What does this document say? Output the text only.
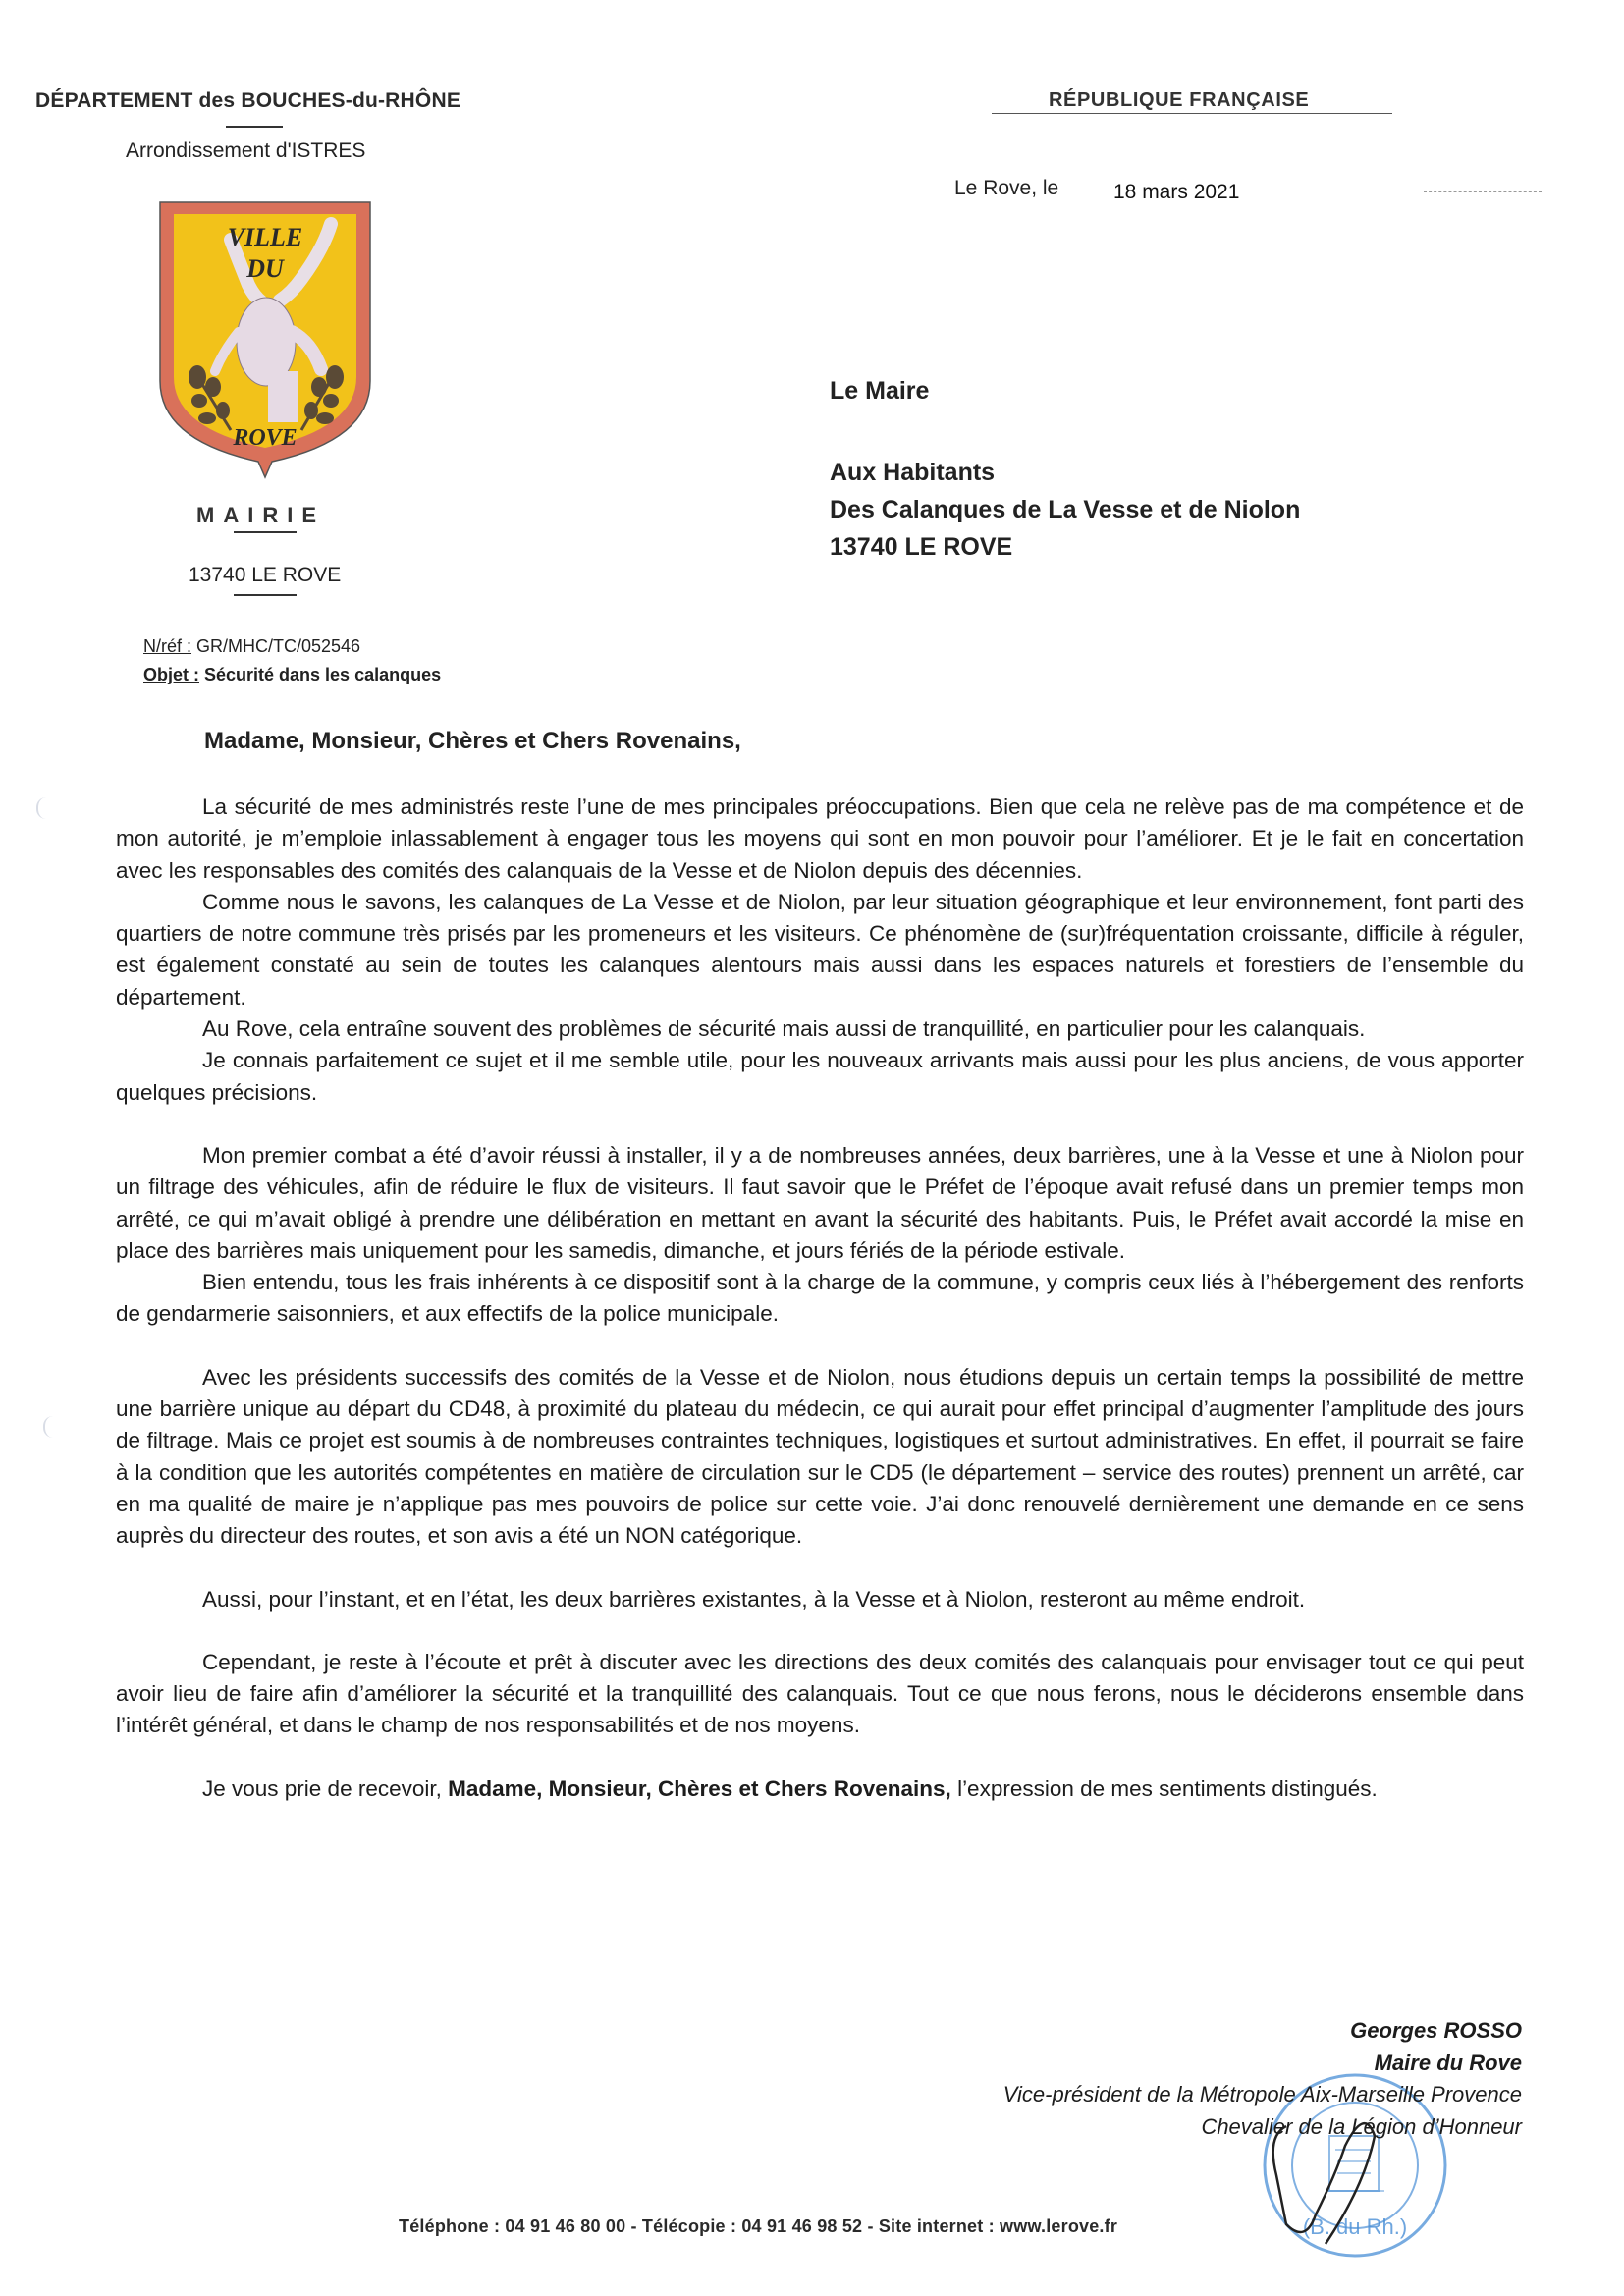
DÉPARTEMENT des BOUCHES-du-RHÔNE
Arrondissement d'ISTRES
RÉPUBLIQUE FRANÇAISE
Le Rove, le	18 mars 2021
VILLE
DU
ROVE
MAIRIE
13740 LE ROVE
N/réf : GR/MHC/TC/052546
Objet : Sécurité dans les calanques
Le Maire
Aux Habitants
Des Calanques de La Vesse et de Niolon
13740 LE ROVE
Madame, Monsieur, Chères et Chers Rovenains,

La sécurité de mes administrés reste l’une de mes principales préoccupations. Bien que cela ne relève pas de ma compétence et de mon autorité, je m’emploie inlassablement à engager tous les moyens qui sont en mon pouvoir pour l’améliorer. Et je le fait en concertation avec les responsables des comités des calanquais de la Vesse et de Niolon depuis des décennies.

Comme nous le savons, les calanques de La Vesse et de Niolon, par leur situation géographique et leur environnement, font parti des quartiers de notre commune très prisés par les promeneurs et les visiteurs. Ce phénomène de (sur)fréquentation croissante, difficile à réguler, est également constaté au sein de toutes les calanques alentours mais aussi dans les espaces naturels et forestiers de l’ensemble du département.

Au Rove, cela entraîne souvent des problèmes de sécurité mais aussi de tranquillité, en particulier pour les calanquais.

Je connais parfaitement ce sujet et il me semble utile, pour les nouveaux arrivants mais aussi pour les plus anciens, de vous apporter quelques précisions.

Mon premier combat a été d’avoir réussi à installer, il y a de nombreuses années, deux barrières, une à la Vesse et une à Niolon pour un filtrage des véhicules, afin de réduire le flux de visiteurs. Il faut savoir que le Préfet de l’époque avait refusé dans un premier temps mon arrêté, ce qui m’avait obligé à prendre une délibération en mettant en avant la sécurité des habitants. Puis, le Préfet avait accordé la mise en place des barrières mais uniquement pour les samedis, dimanche, et jours fériés de la période estivale.

Bien entendu, tous les frais inhérents à ce dispositif sont à la charge de la commune, y compris ceux liés à l’hébergement des renforts de gendarmerie saisonniers, et aux effectifs de la police municipale.

Avec les présidents successifs des comités de la Vesse et de Niolon, nous étudions depuis un certain temps la possibilité de mettre une barrière unique au départ du CD48, à proximité du plateau du médecin, ce qui aurait pour effet principal d’augmenter l’amplitude des jours de filtrage. Mais ce projet est soumis à de nombreuses contraintes techniques, logistiques et surtout administratives. En effet, il pourrait se faire à la condition que les autorités compétentes en matière de circulation sur le CD5 (le département – service des routes) prennent un arrêté, car en ma qualité de maire je n’applique pas mes pouvoirs de police sur cette voie. J’ai donc renouvelé dernièrement une demande en ce sens auprès du directeur des routes, et son avis a été un NON catégorique.

Aussi, pour l’instant, et en l’état, les deux barrières existantes, à la Vesse et à Niolon, resteront au même endroit.

Cependant, je reste à l’écoute et prêt à discuter avec les directions des deux comités des calanquais pour envisager tout ce qui peut avoir lieu de faire afin d’améliorer la sécurité et la tranquillité des calanquais. Tout ce que nous ferons, nous le déciderons ensemble dans l’intérêt général, et dans le champ de nos responsabilités et de nos moyens.

Je vous prie de recevoir, Madame, Monsieur, Chères et Chers Rovenains, l’expression de mes sentiments distingués.

(B. du Rh.)
Georges ROSSO
Maire du Rove
Vice-président de la Métropole Aix-Marseille Provence
Chevalier de la Légion d’Honneur
Téléphone : 04 91 46 80 00 - Télécopie : 04 91 46 98 52 - Site internet : www.lerove.fr
